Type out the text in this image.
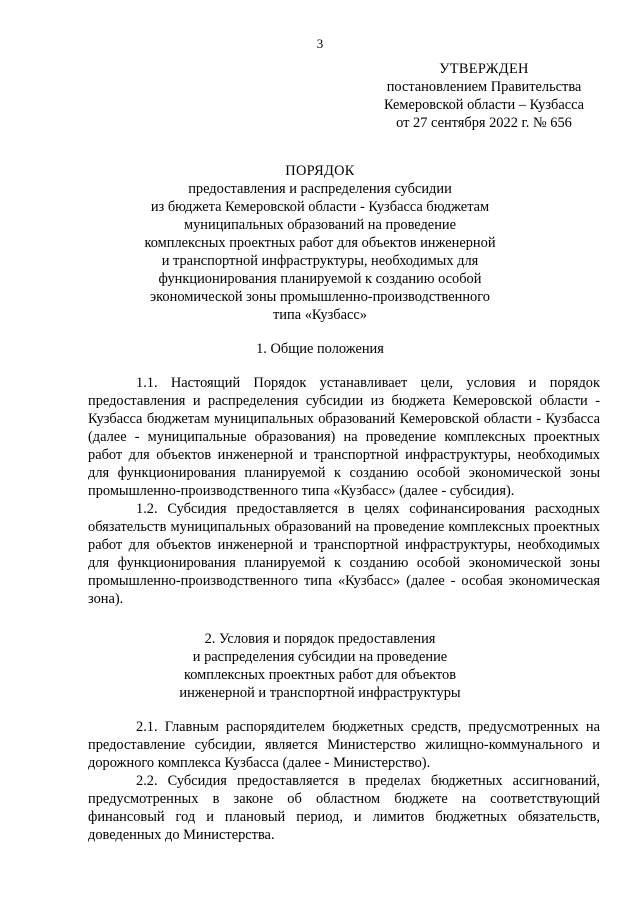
3
УТВЕРЖДЕН
постановлением Правительства
Кемеровской области – Кузбасса
от 27 сентября 2022 г. № 656
ПОРЯДОК
предоставления и распределения субсидии
из бюджета Кемеровской области - Кузбасса бюджетам
муниципальных образований на проведение
комплексных проектных работ для объектов инженерной
и транспортной инфраструктуры, необходимых для
функционирования планируемой к созданию особой
экономической зоны промышленно-производственного
типа «Кузбасс»
1. Общие положения

1.1. Настоящий Порядок устанавливает цели, условия и порядок предоставления и распределения субсидии из бюджета Кемеровской области - Кузбасса бюджетам муниципальных образований Кемеровской области - Кузбасса (далее - муниципальные образования) на проведение комплексных проектных работ для объектов инженерной и транспортной инфраструктуры, необходимых для функционирования планируемой к созданию особой экономической зоны промышленно-производственного типа «Кузбасс» (далее - субсидия).

1.2. Субсидия предоставляется в целях софинансирования расходных обязательств муниципальных образований на проведение комплексных проектных работ для объектов инженерной и транспортной инфраструктуры, необходимых для функционирования планируемой к созданию особой экономической зоны промышленно-производственного типа «Кузбасс» (далее - особая экономическая зона).

2. Условия и порядок предоставления
и распределения субсидии на проведение
комплексных проектных работ для объектов
инженерной и транспортной инфраструктуры

2.1. Главным распорядителем бюджетных средств, предусмотренных на предоставление субсидии, является Министерство жилищно-коммунального и дорожного комплекса Кузбасса (далее - Министерство).

2.2. Субсидия предоставляется в пределах бюджетных ассигнований, предусмотренных в законе об областном бюджете на соответствующий финансовый год и плановый период, и лимитов бюджетных обязательств, доведенных до Министерства.
